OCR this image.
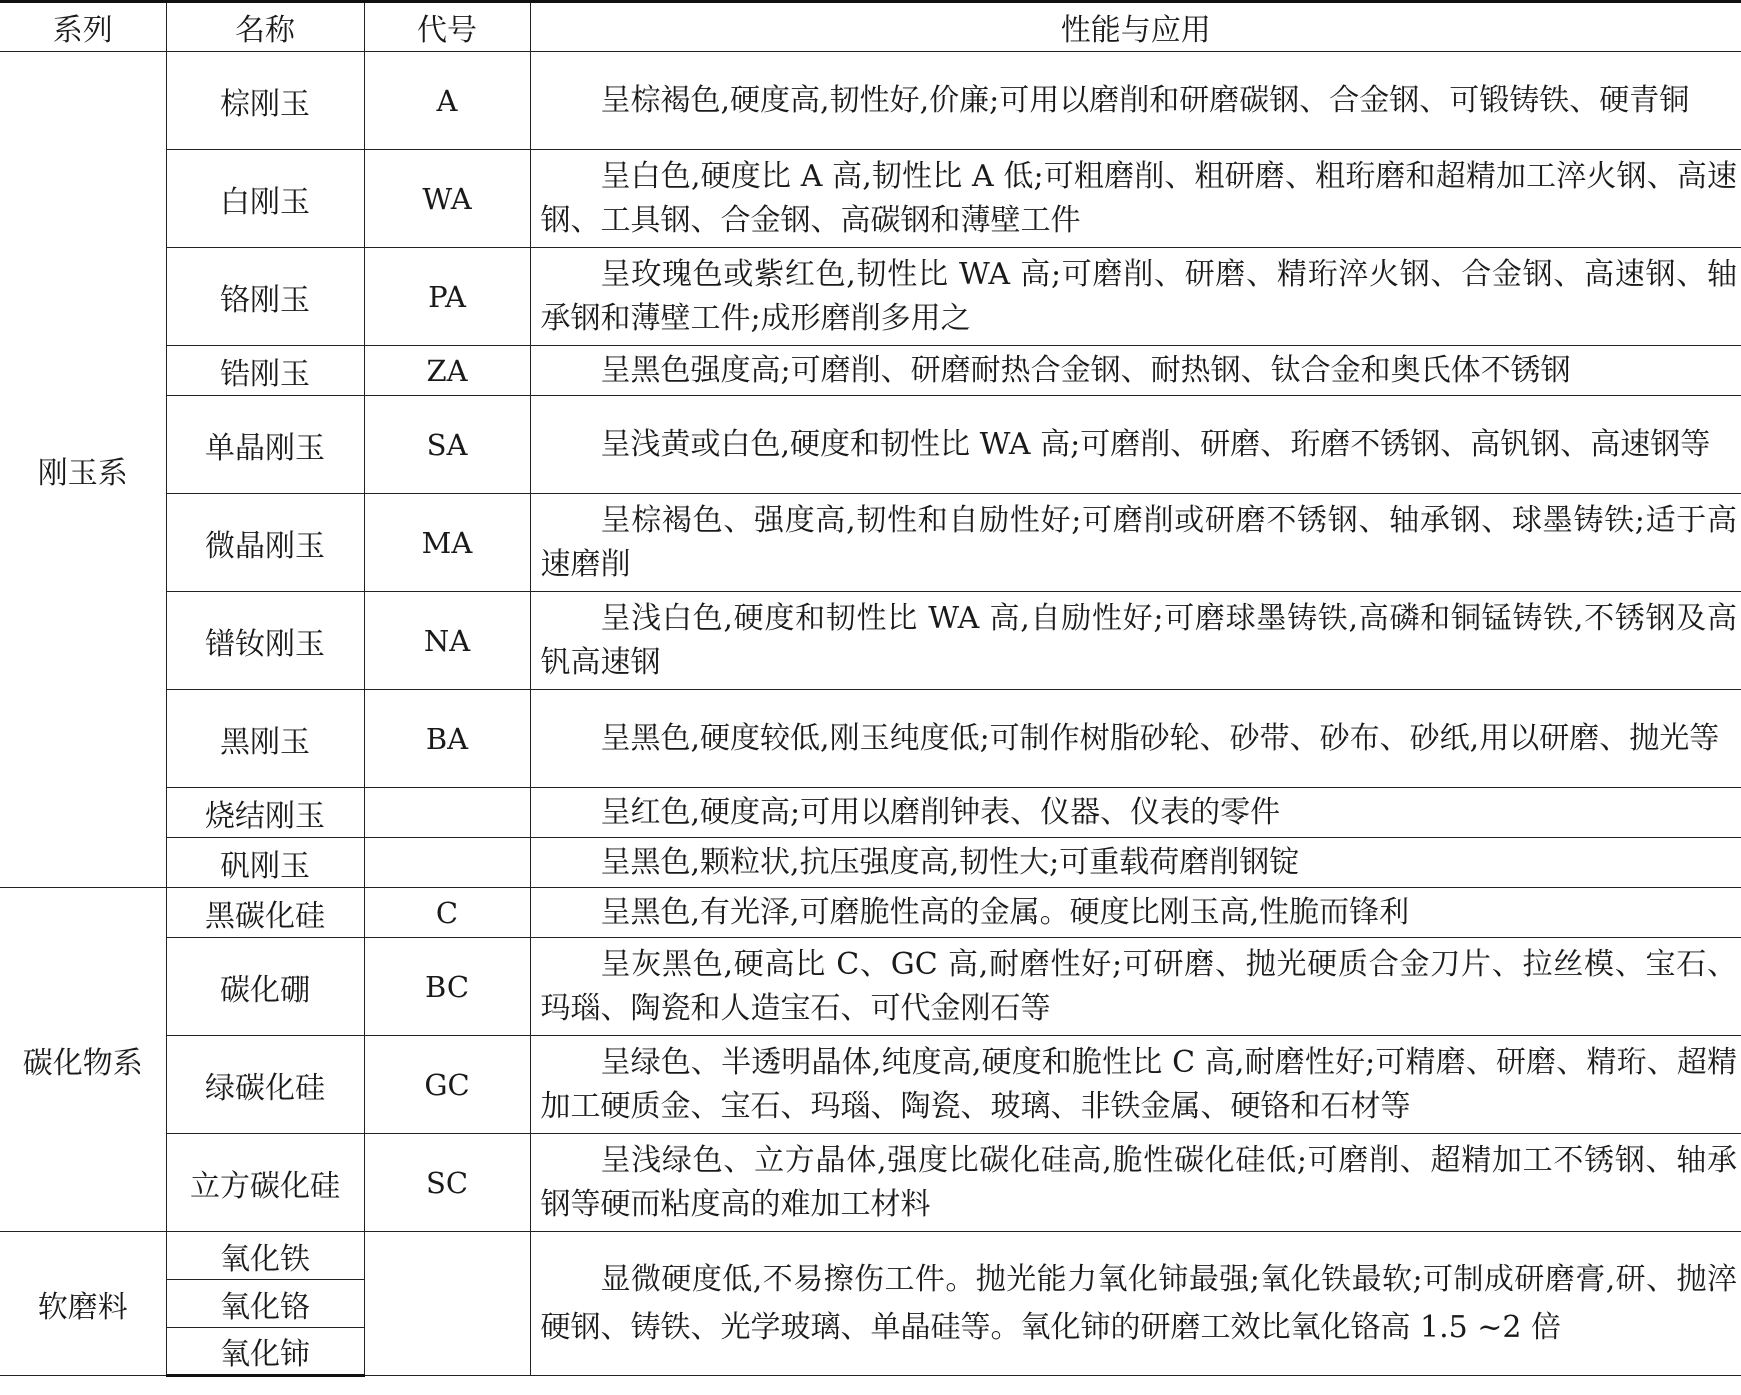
系列	名称	代号	性能与应用
刚玉系	棕刚玉	A	呈棕褐色,硬度高,韧性好,价廉;可用以磨削和研磨碳钢、合金钢、可锻铸铁、硬青铜
	白刚玉	WA	呈白色,硬度比 A 高,韧性比 A 低;可粗磨削、粗研磨、粗珩磨和超精加工淬火钢、高速钢、工具钢、合金钢、高碳钢和薄壁工件
	铬刚玉	PA	呈玫瑰色或紫红色,韧性比 WA 高;可磨削、研磨、精珩淬火钢、合金钢、高速钢、轴承钢和薄壁工件;成形磨削多用之
	锆刚玉	ZA	呈黑色强度高;可磨削、研磨耐热合金钢、耐热钢、钛合金和奥氏体不锈钢
	单晶刚玉	SA	呈浅黄或白色,硬度和韧性比 WA 高;可磨削、研磨、珩磨不锈钢、高钒钢、高速钢等
	微晶刚玉	MA	呈棕褐色、强度高,韧性和自励性好;可磨削或研磨不锈钢、轴承钢、球墨铸铁;适于高速磨削
	镨钕刚玉	NA	呈浅白色,硬度和韧性比 WA 高,自励性好;可磨球墨铸铁,高磷和铜锰铸铁,不锈钢及高钒高速钢
	黑刚玉	BA	呈黑色,硬度较低,刚玉纯度低;可制作树脂砂轮、砂带、砂布、砂纸,用以研磨、抛光等
	烧结刚玉		呈红色,硬度高;可用以磨削钟表、仪器、仪表的零件
	矾刚玉		呈黑色,颗粒状,抗压强度高,韧性大;可重载荷磨削钢锭
碳化物系	黑碳化硅	C	呈黑色,有光泽,可磨脆性高的金属。硬度比刚玉高,性脆而锋利
	碳化硼	BC	呈灰黑色,硬高比 C、GC 高,耐磨性好;可研磨、抛光硬质合金刀片、拉丝模、宝石、玛瑙、陶瓷和人造宝石、可代金刚石等
	绿碳化硅	GC	呈绿色、半透明晶体,纯度高,硬度和脆性比 C 高,耐磨性好;可精磨、研磨、精珩、超精加工硬质金、宝石、玛瑙、陶瓷、玻璃、非铁金属、硬铬和石材等
	立方碳化硅	SC	呈浅绿色、立方晶体,强度比碳化硅高,脆性碳化硅低;可磨削、超精加工不锈钢、轴承钢等硬而粘度高的难加工材料
软磨料	氧化铁		显微硬度低,不易擦伤工件。抛光能力氧化铈最强;氧化铁最软;可制成研磨膏,研、抛淬硬钢、铸铁、光学玻璃、单晶硅等。氧化铈的研磨工效比氧化铬高 1.5 ~2 倍
	氧化铬		
	氧化铈		
